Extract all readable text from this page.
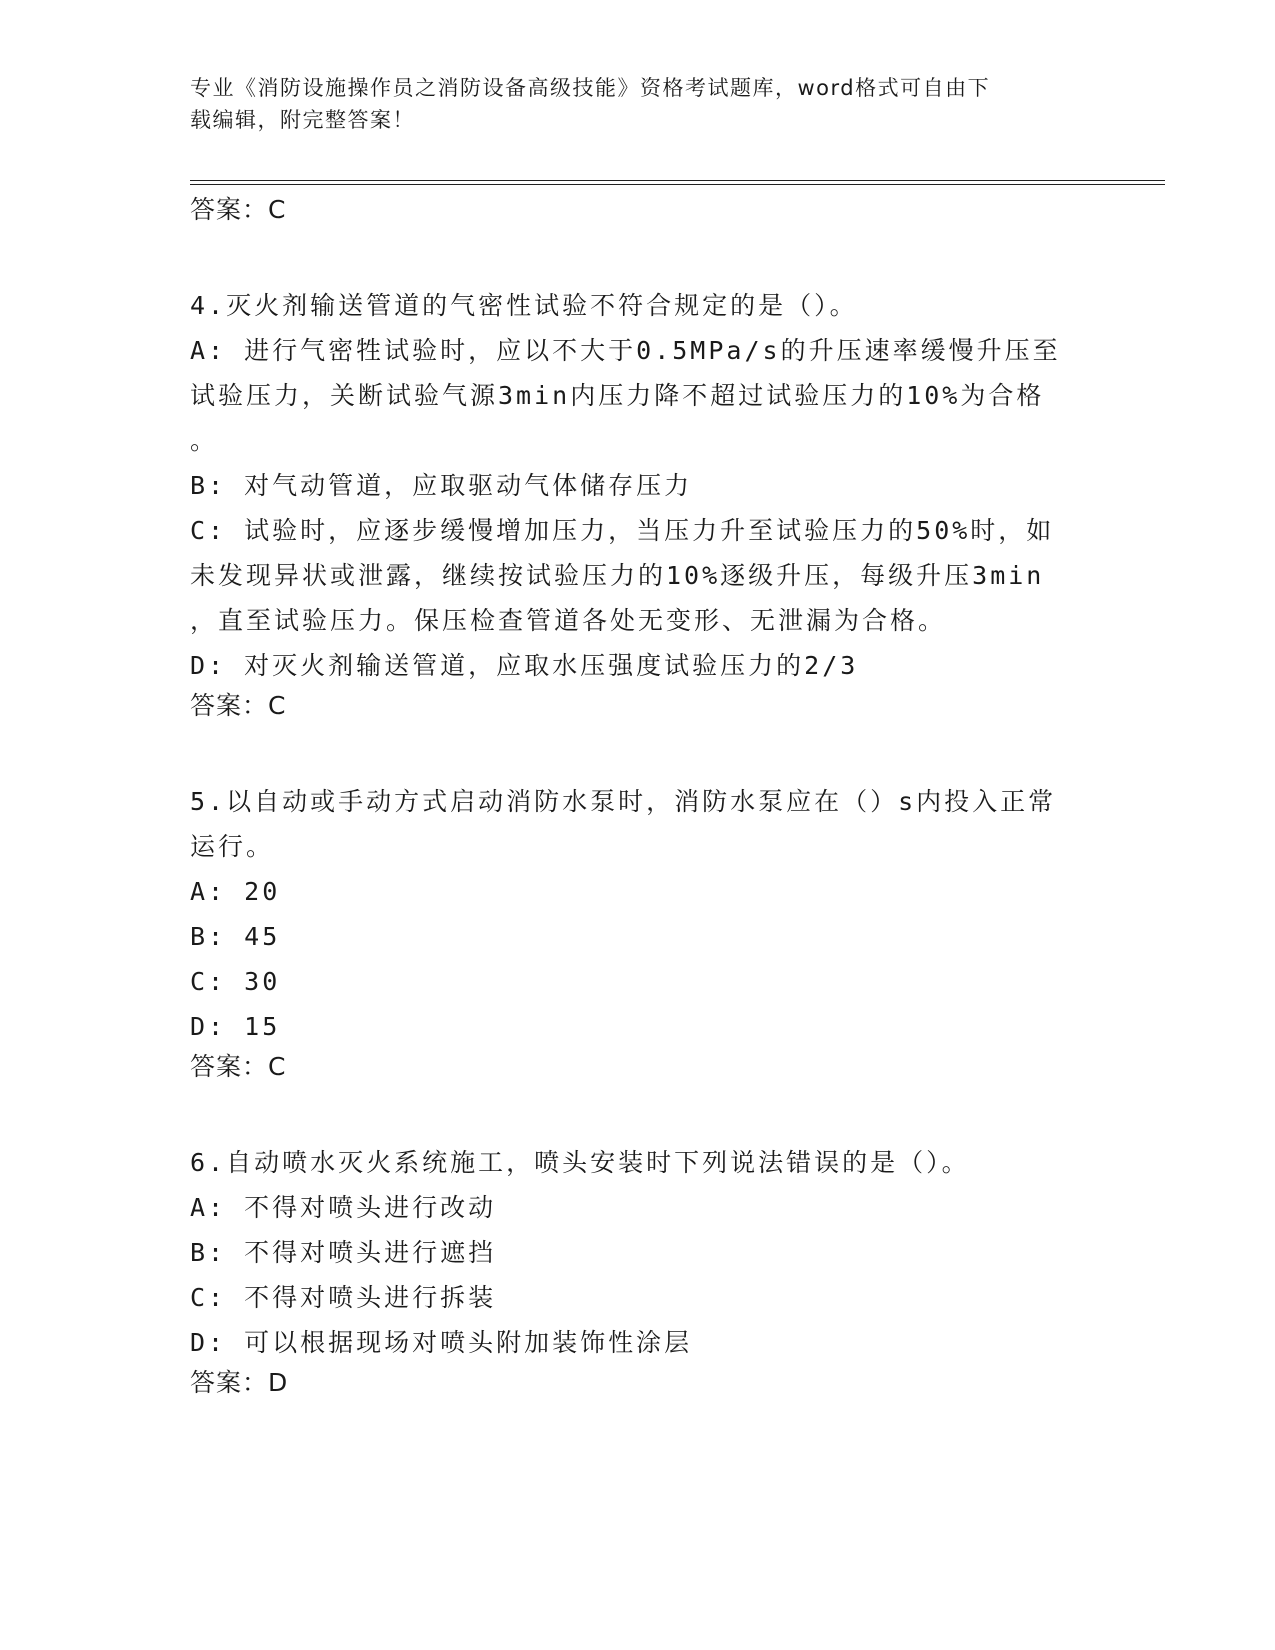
专业《消防设施操作员之消防设备高级技能》资格考试题库，word格式可自由下
载编辑，附完整答案！
答案：C
4.灭火剂输送管道的气密性试验不符合规定的是（）。
A: 进行气密牲试验时，应以不大于0.5MPa/s的升压速率缓慢升压至
试验压力，关断试验气源3min内压力降不超过试验压力的10%为合格
。
B: 对气动管道，应取驱动气体储存压力
C: 试验时，应逐步缓慢增加压力，当压力升至试验压力的50%时，如
未发现异状或泄露，继续按试验压力的10%逐级升压，每级升压3min
，直至试验压力。保压检查管道各处无变形、无泄漏为合格。
D: 对灭火剂输送管道，应取水压强度试验压力的2/3
答案：C
5.以自动或手动方式启动消防水泵时，消防水泵应在（）s内投入正常
运行。
A: 20
B: 45
C: 30
D: 15
答案：C
6.自动喷水灭火系统施工，喷头安装时下列说法错误的是（）。
A: 不得对喷头进行改动
B: 不得对喷头进行遮挡
C: 不得对喷头进行拆装
D: 可以根据现场对喷头附加装饰性涂层
答案：D
